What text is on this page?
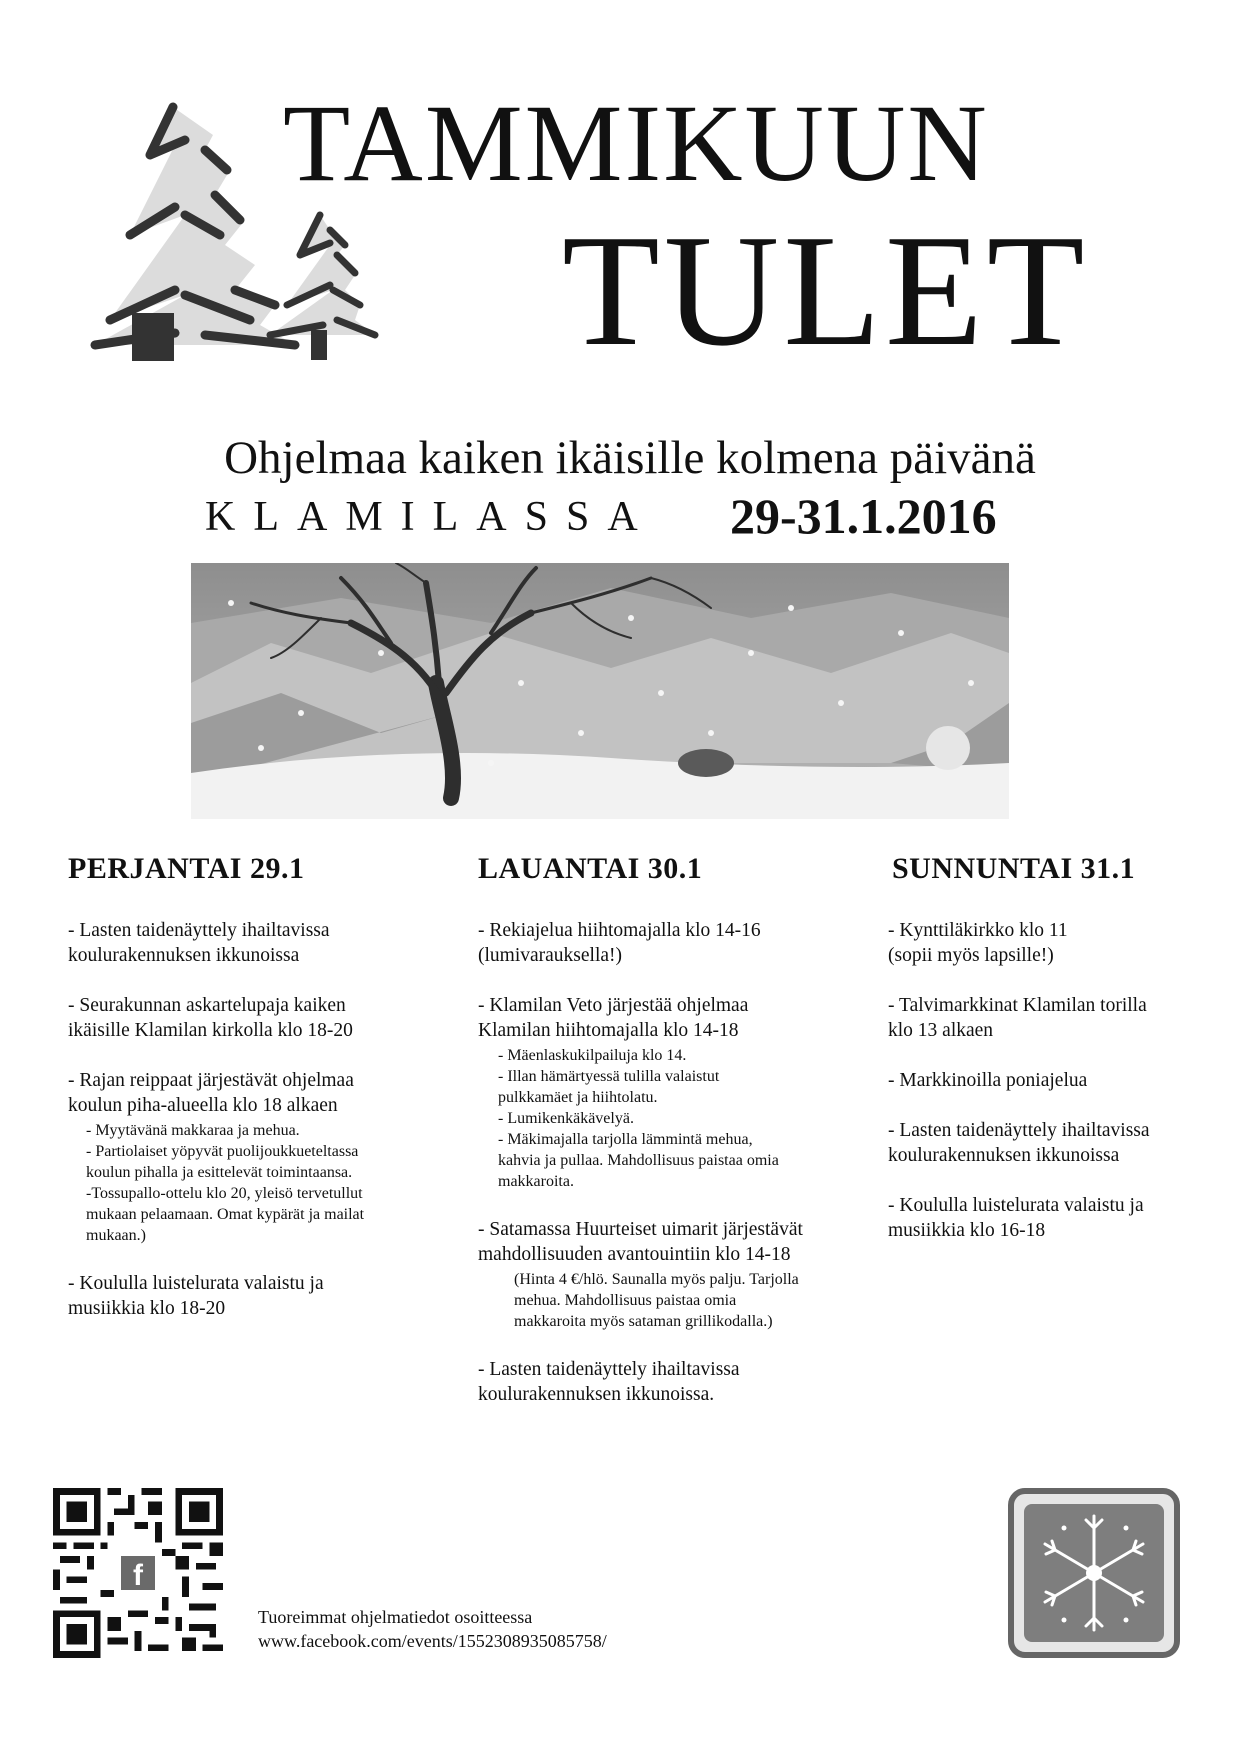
TAMMIKUUN
TULET
Ohjelmaa kaiken ikäisille kolmena päivänä
KLAMILASSA 29-31.1.2016
PERJANTAI 29.1
- Lasten taidenäyttely ihailtavissa
koulurakennuksen ikkunoissa
- Seurakunnan askartelupaja kaiken
ikäisille Klamilan kirkolla klo 18-20
- Rajan reippaat järjestävät ohjelmaa
koulun piha-alueella klo 18 alkaen
- Myytävänä makkaraa ja mehua.
- Partiolaiset yöpyvät puolijoukkueteltassa
koulun pihalla ja esittelevät toimintaansa.
-Tossupallo-ottelu klo 20, yleisö tervetullut
mukaan pelaamaan. Omat kypärät ja mailat
mukaan.)
- Koululla luistelurata valaistu ja
musiikkia klo 18-20
LAUANTAI 30.1
- Rekiajelua hiihtomajalla klo 14-16
(lumivarauksella!)
- Klamilan Veto järjestää ohjelmaa
Klamilan hiihtomajalla klo 14-18
- Mäenlaskukilpailuja klo 14.
- Illan hämärtyessä tulilla valaistut
pulkkamäet ja hiihtolatu.
- Lumikenkäkävelyä.
- Mäkimajalla tarjolla lämmintä mehua,
kahvia ja pullaa. Mahdollisuus paistaa omia
makkaroita.
- Satamassa Huurteiset uimarit järjestävät
mahdollisuuden avantouintiin klo 14-18
(Hinta 4 €/hlö. Saunalla myös palju. Tarjolla
mehua. Mahdollisuus paistaa omia
makkaroita myös sataman grillikodalla.)
- Lasten taidenäyttely ihailtavissa
koulurakennuksen ikkunoissa.
SUNNUNTAI 31.1
- Kynttiläkirkko klo 11
(sopii myös lapsille!)
- Talvimarkkinat Klamilan torilla
klo 13 alkaen
- Markkinoilla poniajelua
- Lasten taidenäyttely ihailtavissa
koulurakennuksen ikkunoissa
- Koululla luistelurata valaistu ja
musiikkia klo 16-18
f
Tuoreimmat ohjelmatiedot osoitteessa
www.facebook.com/events/1552308935085758/
